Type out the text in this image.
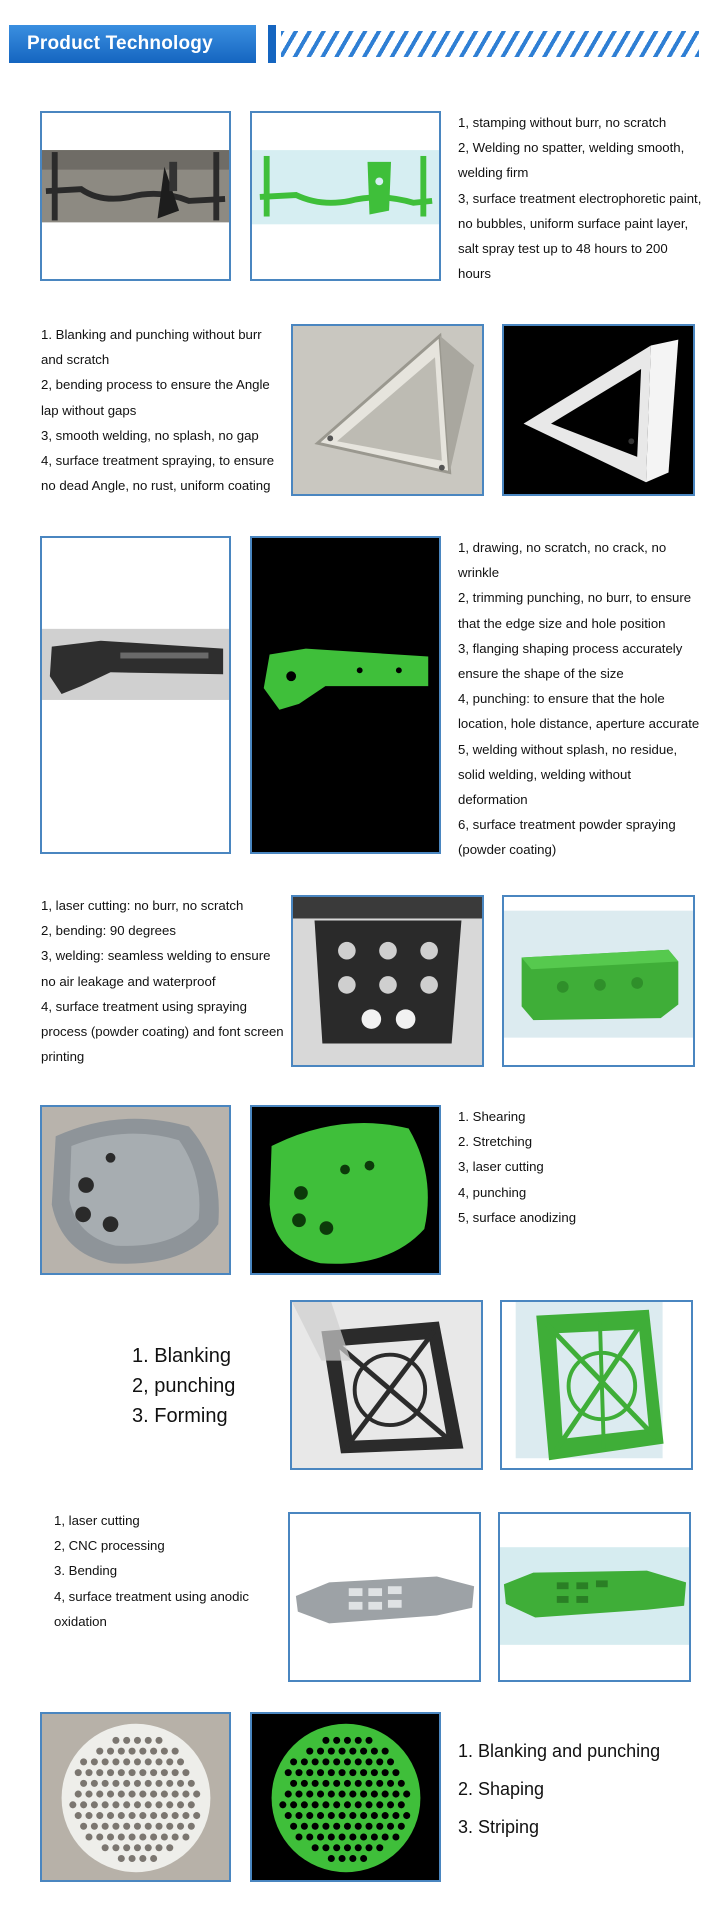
Product Technology
1, stamping without burr, no scratch
2, Welding no spatter, welding smooth,
welding firm
3, surface treatment electrophoretic paint,
no bubbles, uniform surface paint layer,
salt spray test up to 48 hours to 200
hours
1. Blanking and punching without burr
and scratch
2, bending process to ensure the Angle
lap without gaps
3, smooth welding, no splash, no gap
4, surface treatment spraying, to ensure
no dead Angle, no rust, uniform coating
1, drawing, no scratch, no crack, no
wrinkle
2, trimming punching, no burr, to ensure
that the edge size and hole position
3, flanging shaping process accurately
ensure the shape of the size
4, punching: to ensure that the hole
location, hole distance, aperture accurate
5, welding without splash, no residue,
solid welding, welding without
deformation
6, surface treatment powder spraying
(powder coating)
1, laser cutting: no burr, no scratch
2, bending: 90 degrees
3, welding: seamless welding to ensure
no air leakage and waterproof
4, surface treatment using spraying
process (powder coating) and font screen
printing
1. Shearing
2. Stretching
3, laser cutting
4, punching
5, surface anodizing
1. Blanking
2, punching
3. Forming
1, laser cutting
2, CNC processing
3. Bending
4, surface treatment using anodic
oxidation
1. Blanking and punching
2. Shaping
3. Striping
